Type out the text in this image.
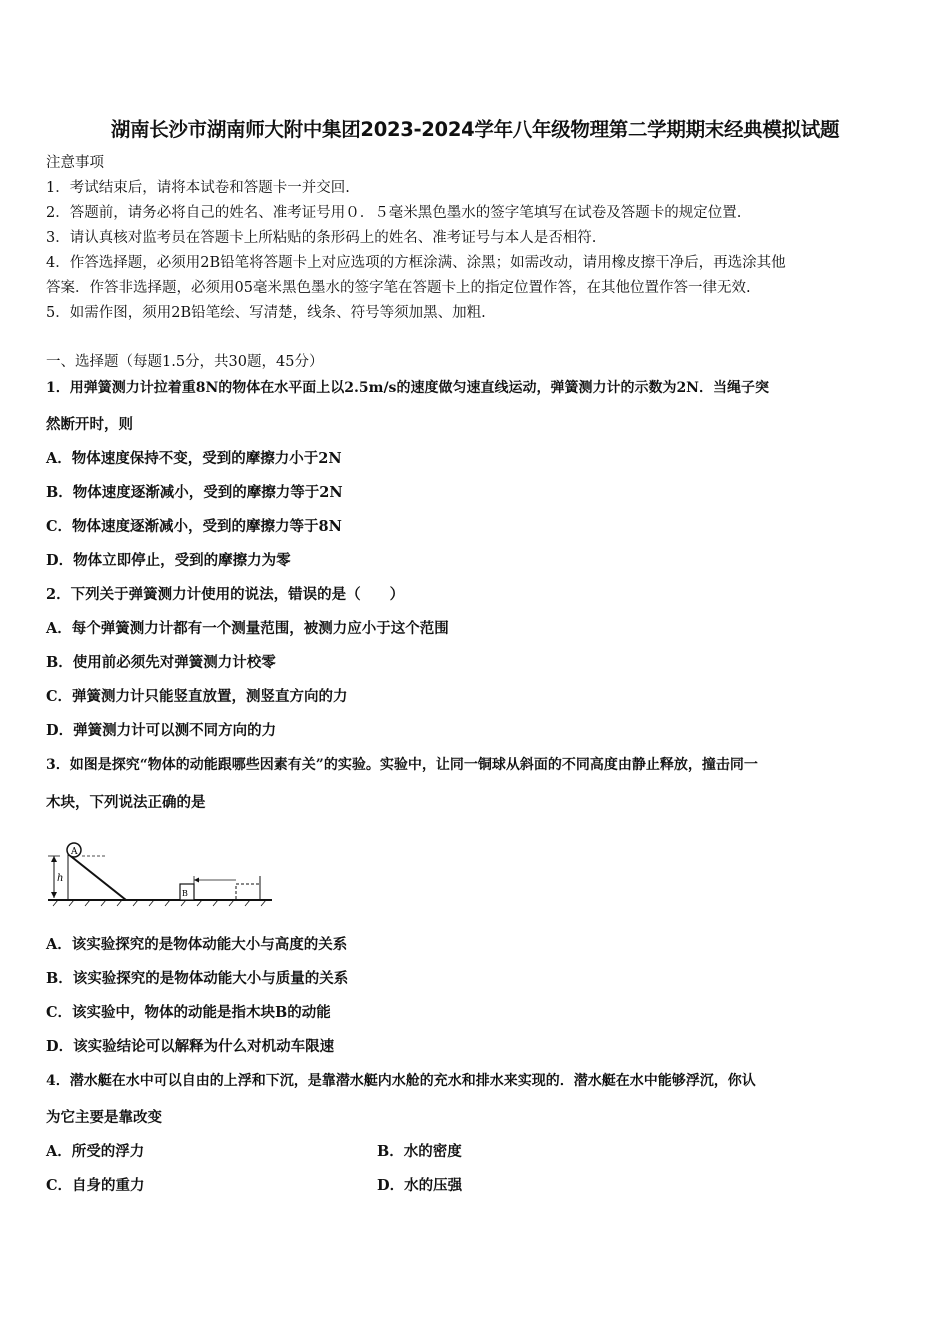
湖南长沙市湖南师大附中集团2023-2024学年八年级物理第二学期期末经典模拟试题
注意事项
1．考试结束后，请将本试卷和答题卡一并交回.
2．答题前，请务必将自己的姓名、准考证号用０．５毫米黑色墨水的签字笔填写在试卷及答题卡的规定位置.
3．请认真核对监考员在答题卡上所粘贴的条形码上的姓名、准考证号与本人是否相符.
4．作答选择题，必须用2B铅笔将答题卡上对应选项的方框涂满、涂黑；如需改动，请用橡皮擦干净后，再选涂其他
答案．作答非选择题，必须用05毫米黑色墨水的签字笔在答题卡上的指定位置作答，在其他位置作答一律无效.
5．如需作图，须用2B铅笔绘、写清楚，线条、符号等须加黑、加粗.
一、选择题（每题1.5分，共30题，45分）
1．用弹簧测力计拉着重8N的物体在水平面上以2.5m/s的速度做匀速直线运动，弹簧测力计的示数为2N．当绳子突
然断开时，则
A．物体速度保持不变，受到的摩擦力小于2N
B．物体速度逐渐减小，受到的摩擦力等于2N
C．物体速度逐渐减小，受到的摩擦力等于8N
D．物体立即停止，受到的摩擦力为零
2．下列关于弹簧测力计使用的说法，错误的是（　　）
A．每个弹簧测力计都有一个测量范围，被测力应小于这个范围
B．使用前必须先对弹簧测力计校零
C．弹簧测力计只能竖直放置，测竖直方向的力
D．弹簧测力计可以测不同方向的力
3．如图是探究“物体的动能跟哪些因素有关”的实验。实验中，让同一铜球从斜面的不同高度由静止释放，撞击同一
木块，下列说法正确的是
A
h
B
A．该实验探究的是物体动能大小与高度的关系
B．该实验探究的是物体动能大小与质量的关系
C．该实验中，物体的动能是指木块B的动能
D．该实验结论可以解释为什么对机动车限速
4．潜水艇在水中可以自由的上浮和下沉，是靠潜水艇内水舱的充水和排水来实现的．潜水艇在水中能够浮沉，你认
为它主要是靠改变
A．所受的浮力	B．水的密度
C．自身的重力	D．水的压强
